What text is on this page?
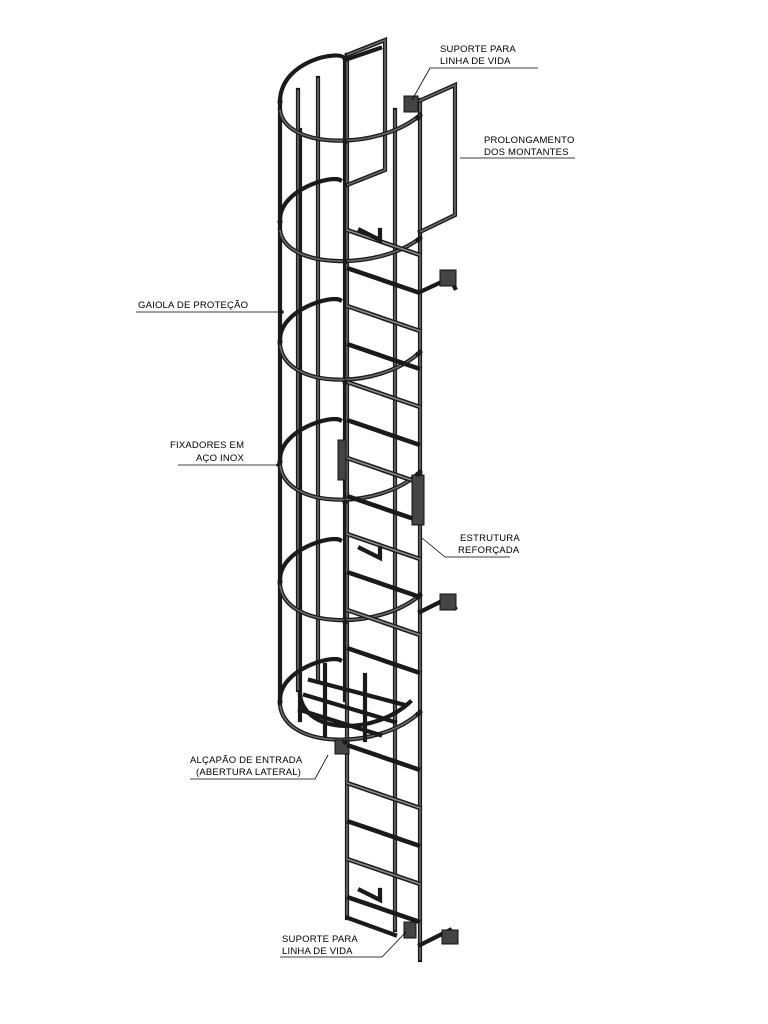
SUPORTE PARA
LINHA DE VIDA
PROLONGAMENTO
DOS MONTANTES
GAIOLA DE PROTEÇÃO
FIXADORES EM
AÇO INOX
ESTRUTURA
REFORÇADA
ALÇAPÃO DE ENTRADA
(ABERTURA LATERAL)
SUPORTE PARA
LINHA DE VIDA
